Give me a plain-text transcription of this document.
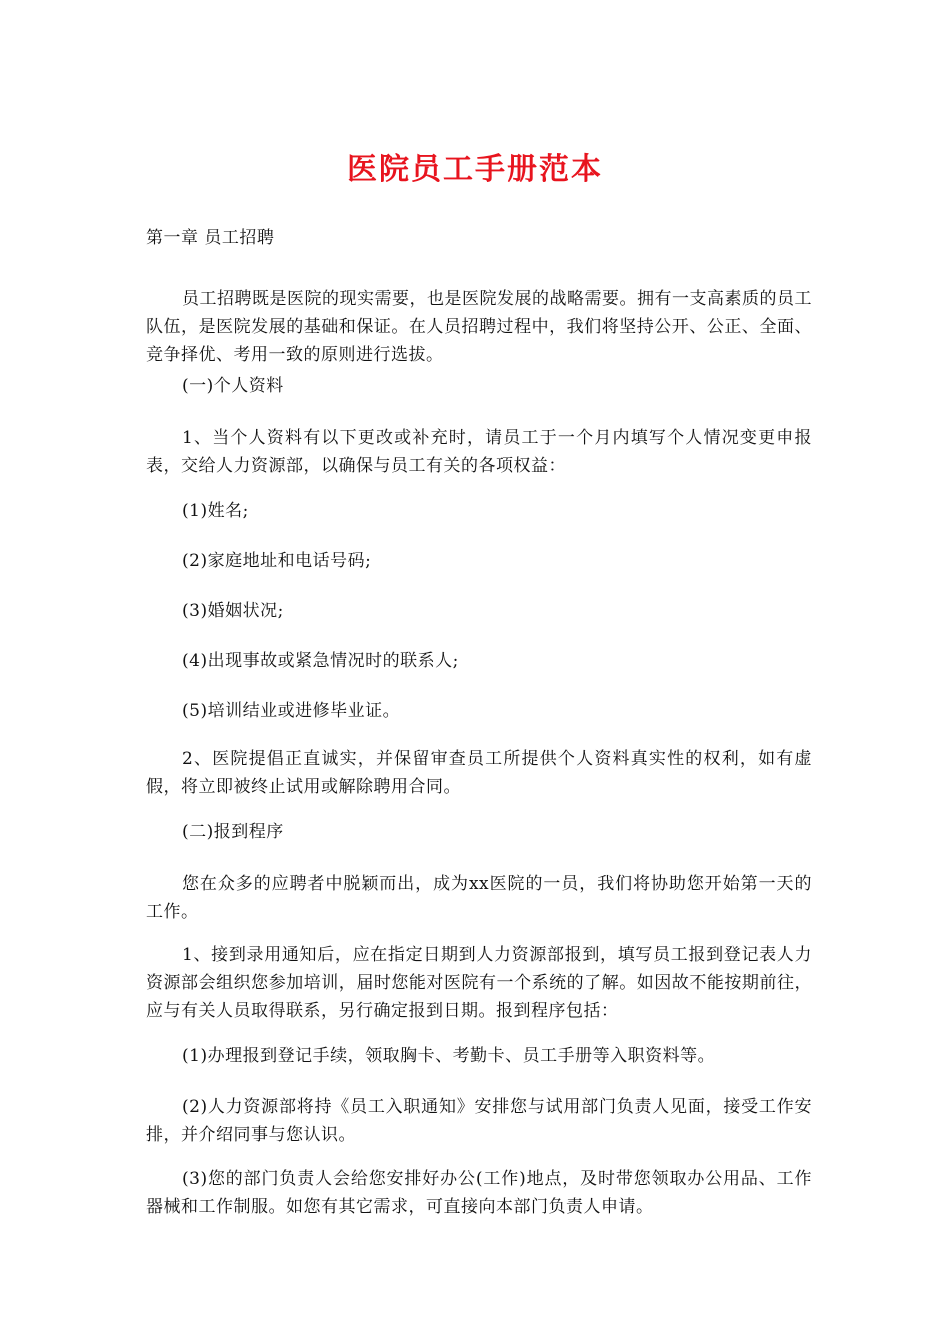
医院员工手册范本

第一章 员工招聘

员工招聘既是医院的现实需要，也是医院发展的战略需要。拥有一支高素质的员工队伍，是医院发展的基础和保证。在人员招聘过程中，我们将坚持公开、公正、全面、竞争择优、考用一致的原则进行选拔。

(一)个人资料

1、当个人资料有以下更改或补充时，请员工于一个月内填写个人情况变更申报表，交给人力资源部，以确保与员工有关的各项权益：

(1)姓名;

(2)家庭地址和电话号码;

(3)婚姻状况;

(4)出现事故或紧急情况时的联系人;

(5)培训结业或进修毕业证。

2、医院提倡正直诚实，并保留审查员工所提供个人资料真实性的权利，如有虚假，将立即被终止试用或解除聘用合同。

(二)报到程序

您在众多的应聘者中脱颖而出，成为xx医院的一员，我们将协助您开始第一天的工作。

1、接到录用通知后，应在指定日期到人力资源部报到，填写员工报到登记表人力资源部会组织您参加培训，届时您能对医院有一个系统的了解。如因故不能按期前往，应与有关人员取得联系，另行确定报到日期。报到程序包括：

(1)办理报到登记手续，领取胸卡、考勤卡、员工手册等入职资料等。

(2)人力资源部将持《员工入职通知》安排您与试用部门负责人见面，接受工作安排，并介绍同事与您认识。

(3)您的部门负责人会给您安排好办公(工作)地点，及时带您领取办公用品、工作器械和工作制服。如您有其它需求，可直接向本部门负责人申请。
